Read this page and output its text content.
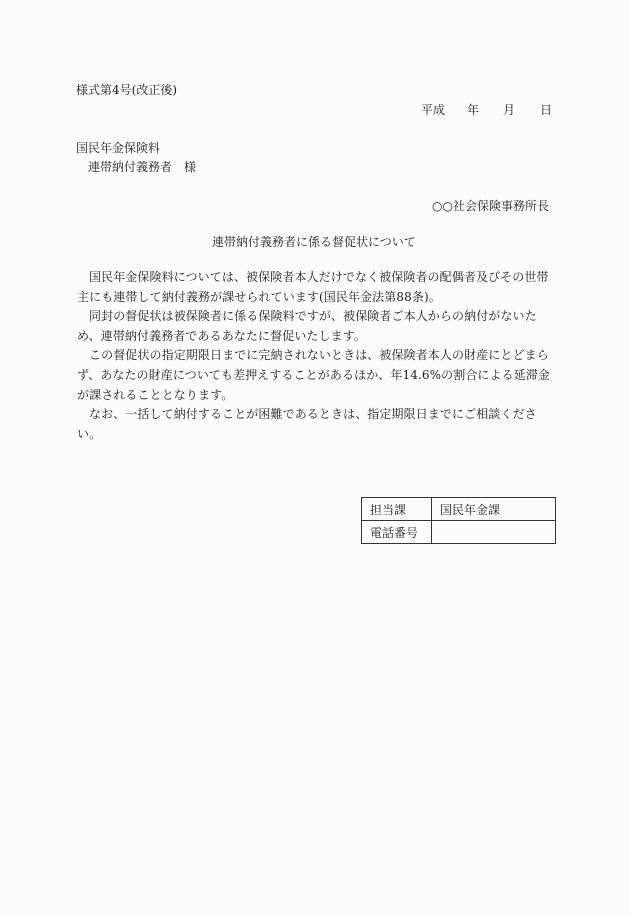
様式第4号(改正後)
平成 年 月 日
国民年金保険料
連帯納付義務者　様
○○社会保険事務所長
連帯納付義務者に係る督促状について

国民年金保険料については、被保険者本人だけでなく被保険者の配偶者及びその世帯主にも連帯して納付義務が課せられています(国民年金法第88条)。

同封の督促状は被保険者に係る保険料ですが、被保険者ご本人からの納付がないため、連帯納付義務者であるあなたに督促いたします。

この督促状の指定期限日までに完納されないときは、被保険者本人の財産にとどまらず、あなたの財産についても差押えすることがあるほか、年14.6%の割合による延滞金が課されることとなります。

なお、一括して納付することが困難であるときは、指定期限日までにご相談ください。

担当課	国民年金課
電話番号	
